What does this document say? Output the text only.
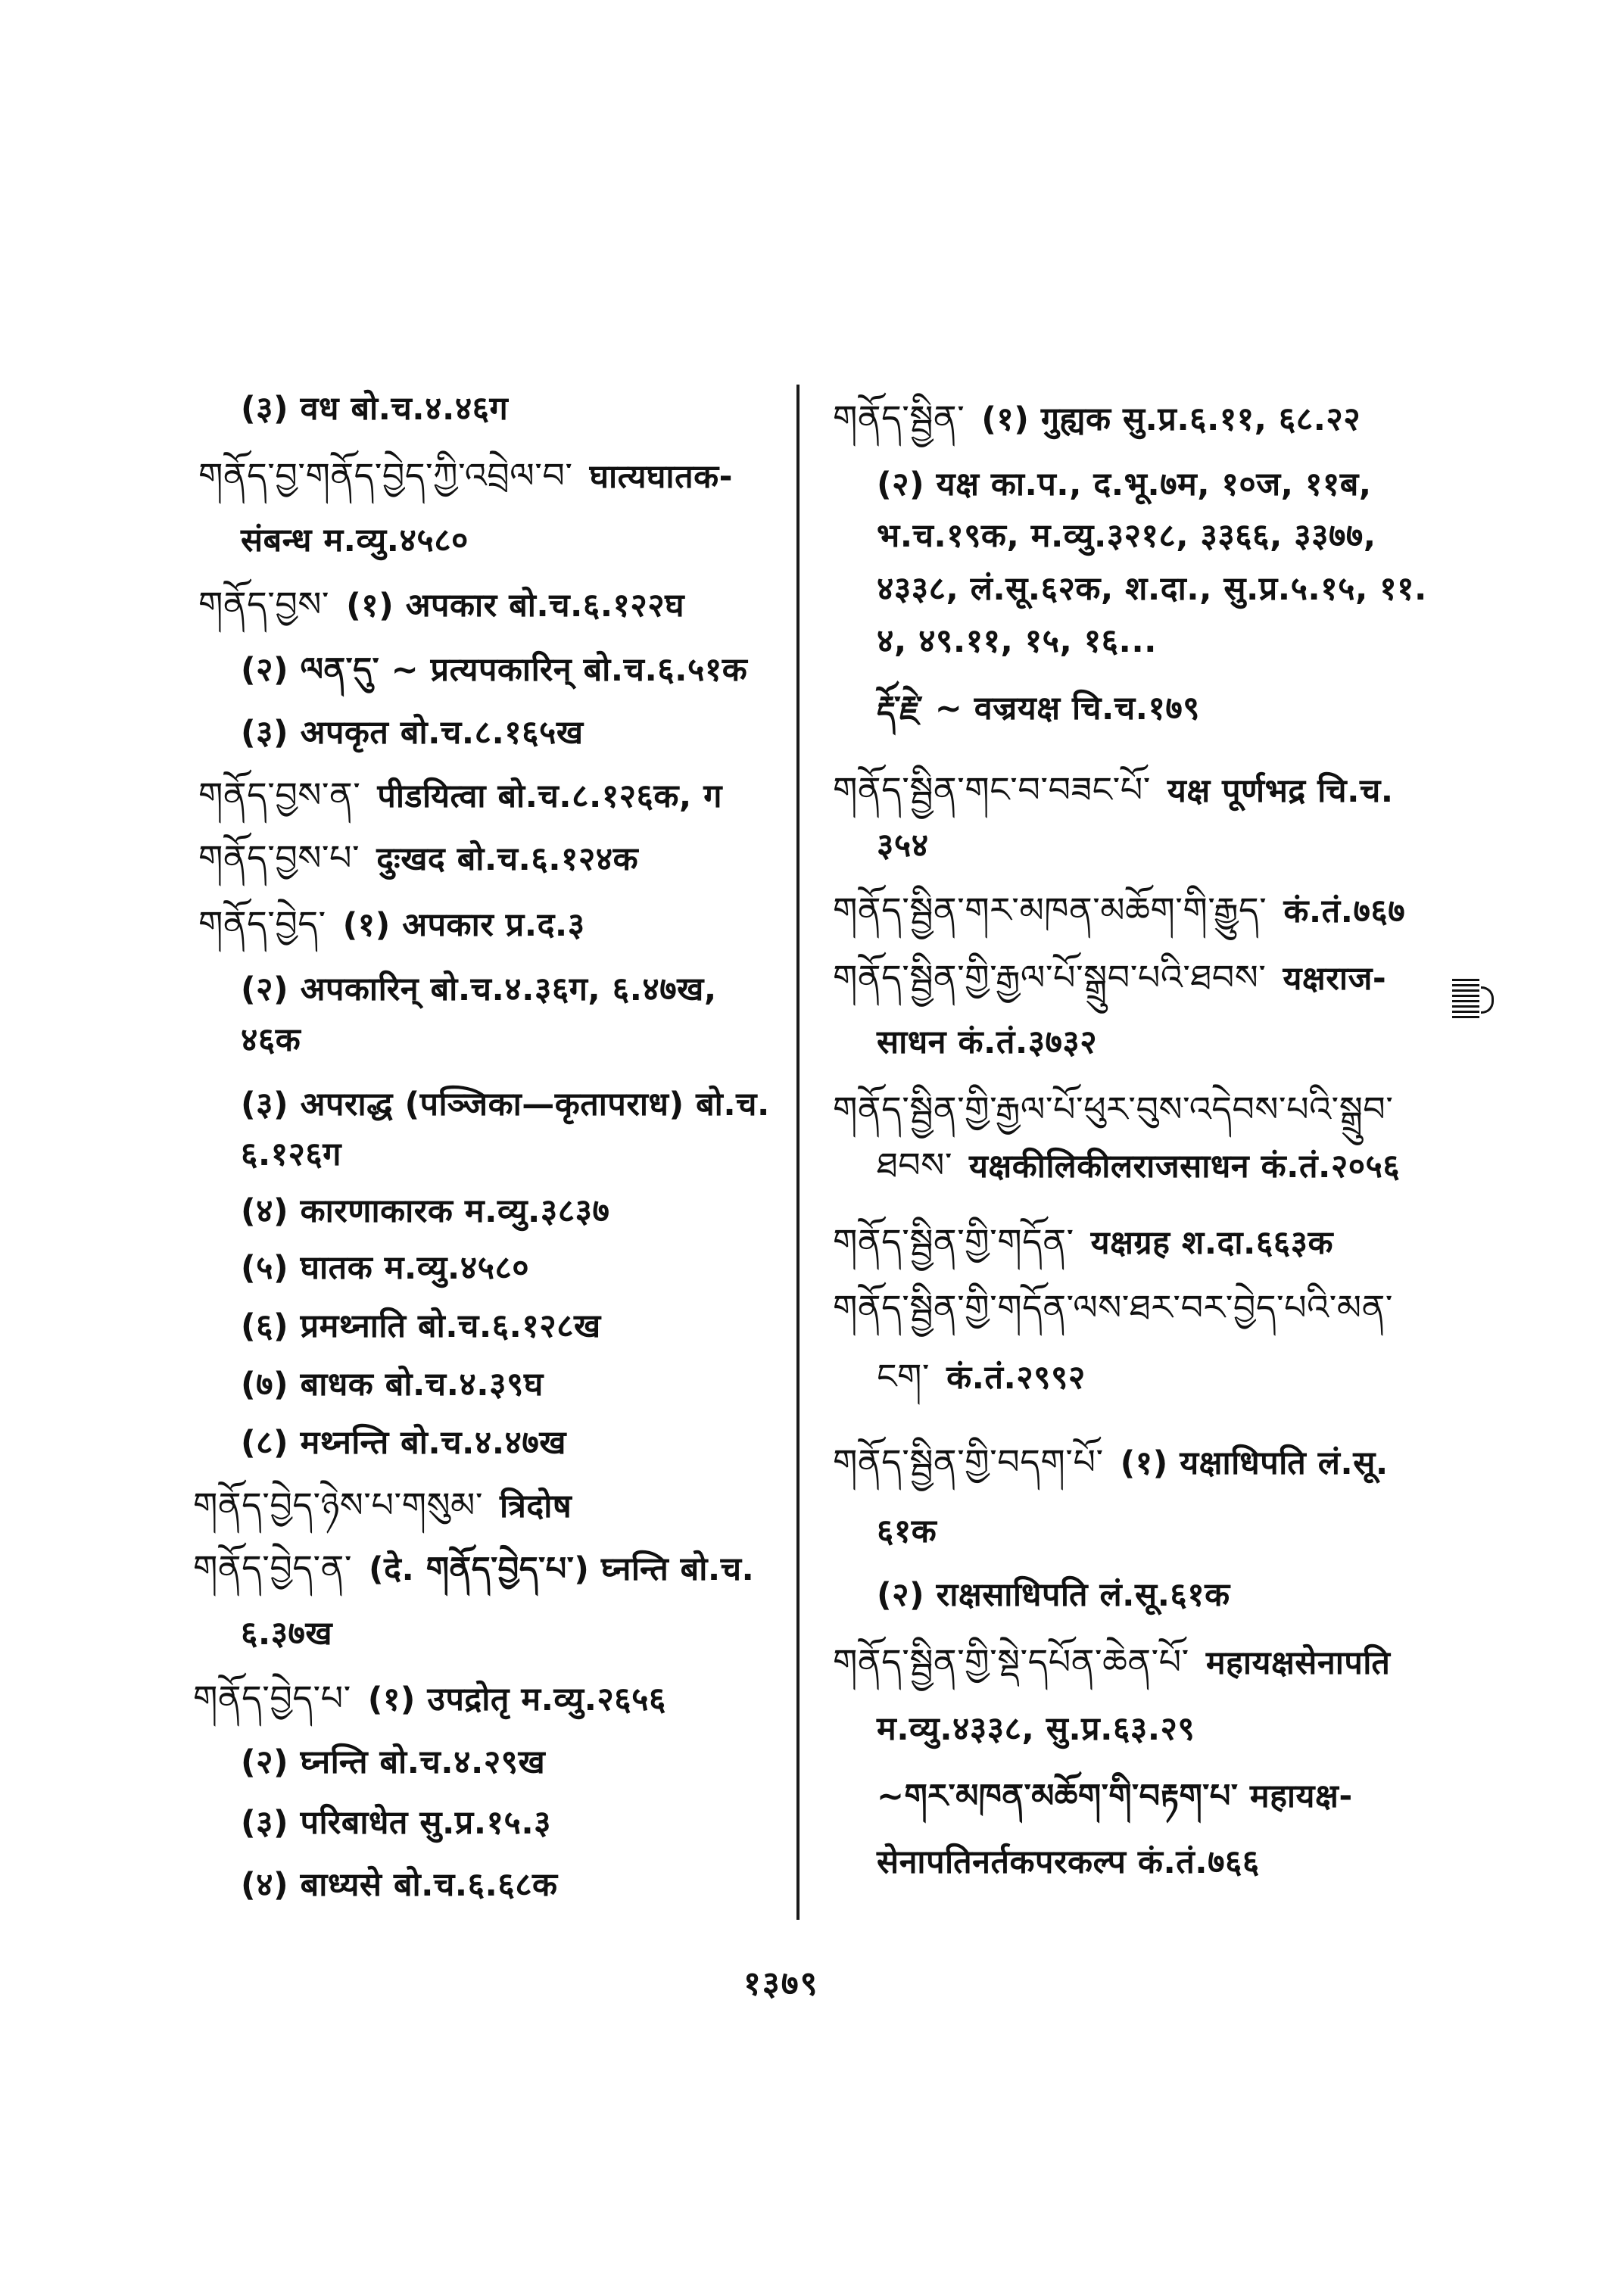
(३) वध बो.च.४.४६ग
གནོད་བྱ་གནོད་བྱེད་ཀྱི་འབྲེལ་བ་ घात्यघातक-
संबन्ध म.व्यु.४५८०
གནོད་བྱས་ (१) अपकार बो.च.६.१२२घ
(२) ལན་དུ་ ~ प्रत्यपकारिन् बो.च.६.५१क
(३) अपकृत बो.च.८.१६५ख
གནོད་བྱས་ན་ पीडयित्वा बो.च.८.१२६क, ग
གནོད་བྱས་པ་ दुःखद बो.च.६.१२४क
གནོད་བྱེད་ (१) अपकार प्र.द.३
(२) अपकारिन् बो.च.४.३६ग, ६.४७ख,
४६क
(३) अपराद्ध (पञ्जिका—कृतापराध) बो.च.
६.१२६ग
(४) कारणाकारक म.व्यु.३८३७
(५) घातक म.व्यु.४५८०
(६) प्रमथ्नाति बो.च.६.१२८ख
(७) बाधक बो.च.४.३९घ
(८) मथ्नन्ति बो.च.४.४७ख
གནོད་བྱེད་ཉེས་པ་གསུམ་ त्रिदोष
གནོད་བྱེད་ན་ (दे. གནོད་བྱེད་པ་) घ्नन्ति बो.च.
६.३७ख
གནོད་བྱེད་པ་ (१) उपद्रोतृ म.व्यु.२६५६
(२) घ्नन्ति बो.च.४.२९ख
(३) परिबाधेत सु.प्र.१५.३
(४) बाध्यसे बो.च.६.६८क
གནོད་སྦྱིན་ (१) गुह्यक सु.प्र.६.११, ६८.२२
(२) यक्ष का.प., द.भू.७म, १०ज, ११ब,
भ.च.१९क, म.व्यु.३२१८, ३३६६, ३३७७,
४३३८, लं.सू.६२क, श.दा., सु.प्र.५.१५, ११.
४, ४९.११, १५, १६...
རྡོ་རྗེ་ ~ वज्रयक्ष चि.च.१७९
གནོད་སྦྱིན་གང་བ་བཟང་པོ་ यक्ष पूर्णभद्र चि.च.
३५४
གནོད་སྦྱིན་གར་མཁན་མཆོག་གི་རྒྱུད་ कं.तं.७६७
གནོད་སྦྱིན་གྱི་རྒྱལ་པོ་སྒྲུབ་པའི་ཐབས་ यक्षराज-
साधन कं.तं.३७३२
གནོད་སྦྱིན་གྱི་རྒྱལ་པོ་ཕུར་བུས་འདེབས་པའི་སྒྲུབ་
ཐབས་ यक्षकीलिकीलराजसाधन कं.तं.२०५६
གནོད་སྦྱིན་གྱི་གདོན་ यक्षग्रह श.दा.६६३क
གནོད་སྦྱིན་གྱི་གདོན་ལས་ཐར་བར་བྱེད་པའི་མན་
ངག་ कं.तं.२९९२
གནོད་སྦྱིན་གྱི་བདག་པོ་ (१) यक्षाधिपति लं.सू.
६१क
(२) राक्षसाधिपति लं.सू.६१क
གནོད་སྦྱིན་གྱི་སྡེ་དཔོན་ཆེན་པོ་ महायक्षसेनापति
म.व्यु.४३३८, सु.प्र.६३.२९
~གར་མཁན་མཆོག་གི་བརྟག་པ་ महायक्ष-
सेनापतिनर्तकपरकल्प कं.तं.७६६
१३७९
